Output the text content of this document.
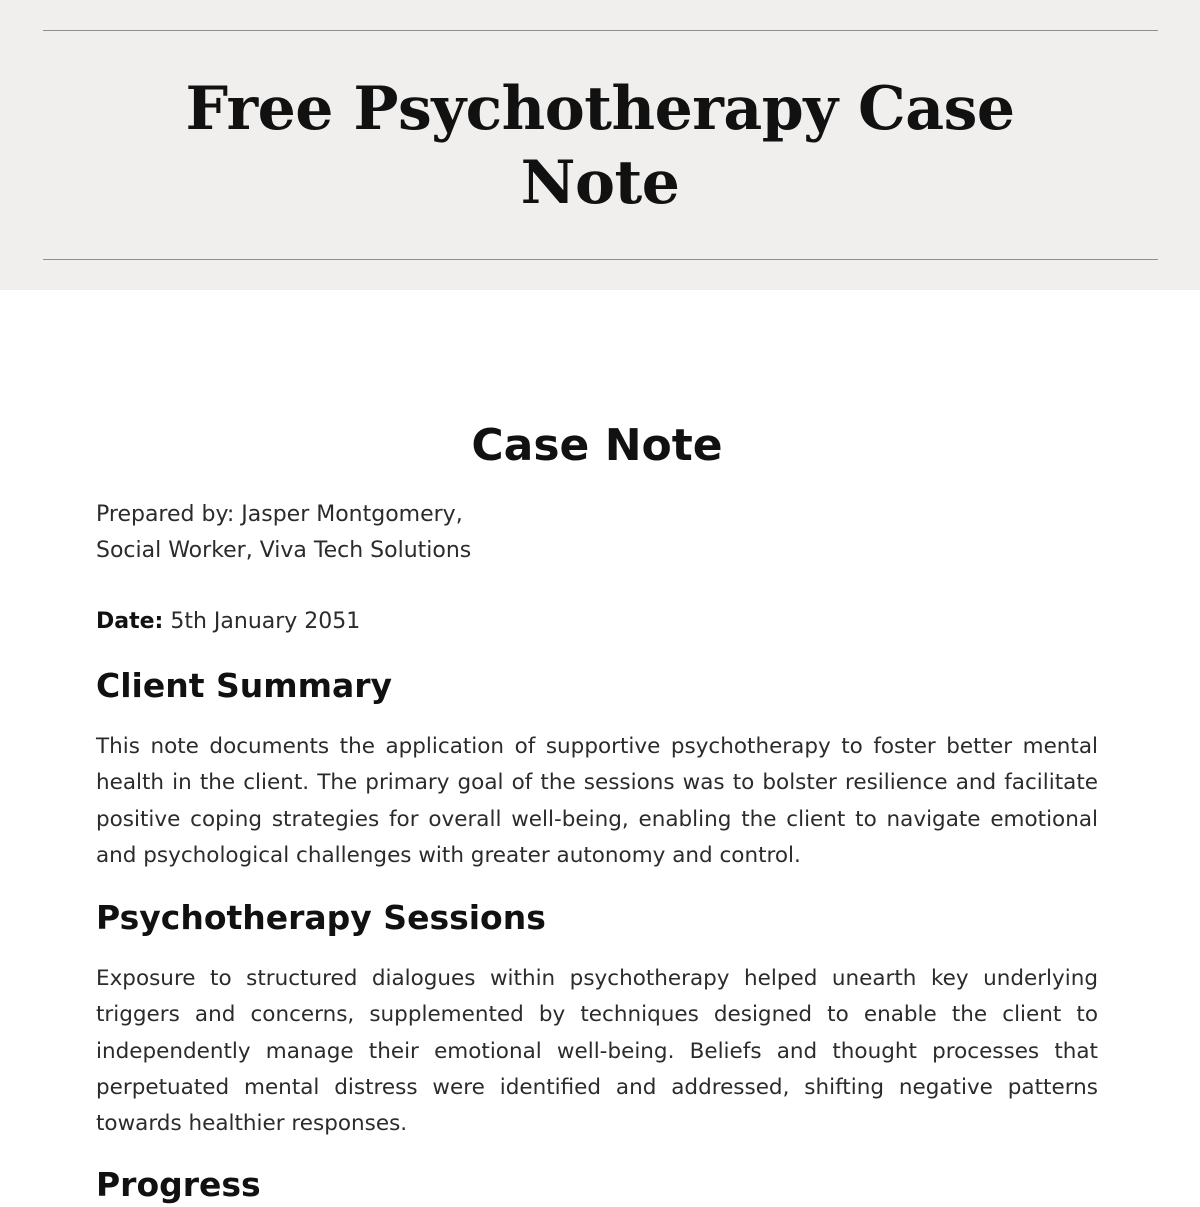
Free Psychotherapy Case
Note
Case Note

Prepared by: Jasper Montgomery,
Social Worker, Viva Tech Solutions

Date: 5th January 2051

Client Summary

This note documents the application of supportive psychotherapy to foster better mental health in the client. The primary goal of the sessions was to bolster resilience and facilitate positive coping strategies for overall well-being, enabling the client to navigate emotional and psychological challenges with greater autonomy and control.

Psychotherapy Sessions

Exposure to structured dialogues within psychotherapy helped unearth key underlying triggers and concerns, supplemented by techniques designed to enable the client to independently manage their emotional well-being. Beliefs and thought processes that perpetuated mental distress were identified and addressed, shifting negative patterns towards healthier responses.

Progress
